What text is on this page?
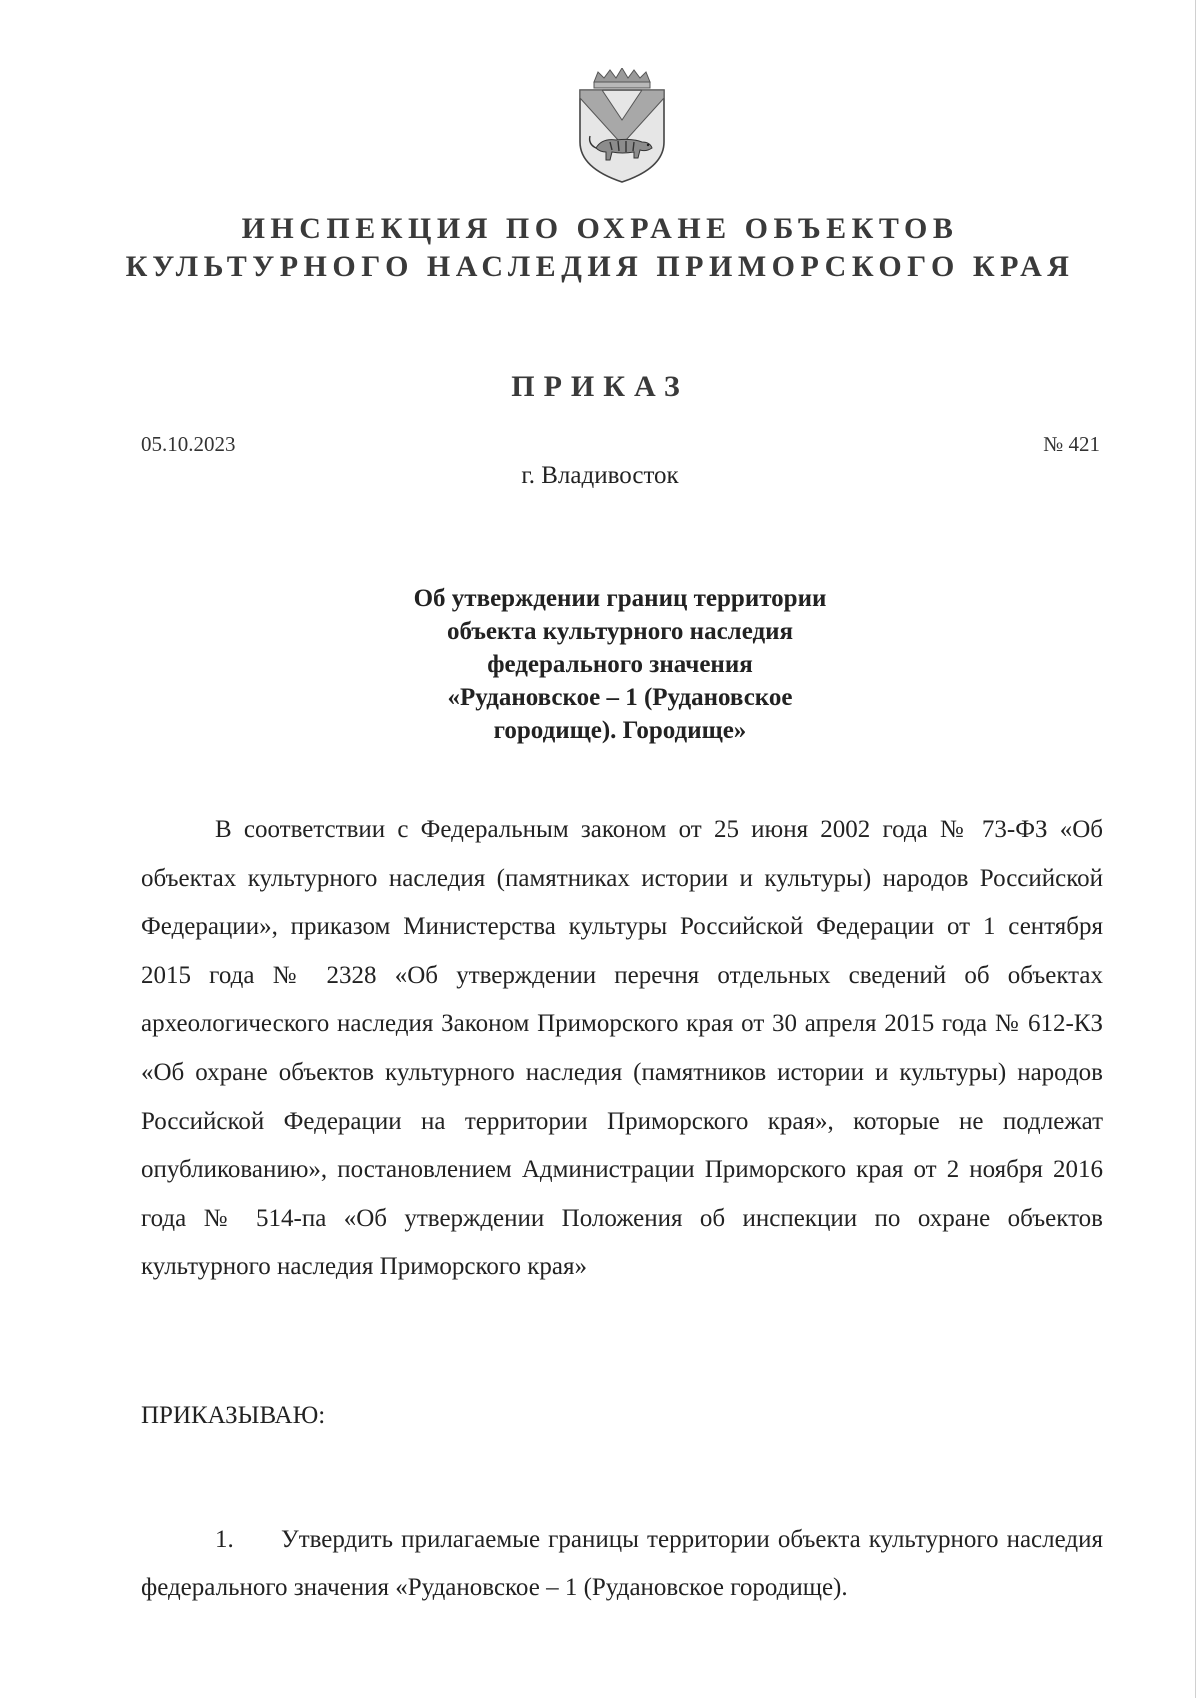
ИНСПЕКЦИЯ ПО ОХРАНЕ ОБЪЕКТОВ
КУЛЬТУРНОГО НАСЛЕДИЯ ПРИМОРСКОГО КРАЯ
ПРИКАЗ
05.10.2023	№ 421
г. Владивосток
Об утверждении границ территории
объекта культурного наследия
федерального значения
«Рудановское – 1 (Рудановское
городище). Городище»

В соответствии с Федеральным законом от 25 июня 2002 года № 73-ФЗ «Об объектах культурного наследия (памятниках истории и культуры) народов Российской Федерации», приказом Министерства культуры Российской Федерации от 1 сентября 2015 года № 2328 «Об утверждении перечня отдельных сведений об объектах археологического наследия Законом Приморского края от 30 апреля 2015 года № 612-КЗ «Об охране объектов культурного наследия (памятников истории и культуры) народов Российской Федерации на территории Приморского края», которые не подлежат опубликованию», постановлением Администрации Приморского края от 2 ноября 2016 года № 514-па «Об утверждении Положения об инспекции по охране объектов культурного наследия Приморского края»

ПРИКАЗЫВАЮ:

1. Утвердить прилагаемые границы территории объекта культурного наследия федерального значения «Рудановское – 1 (Рудановское городище).
